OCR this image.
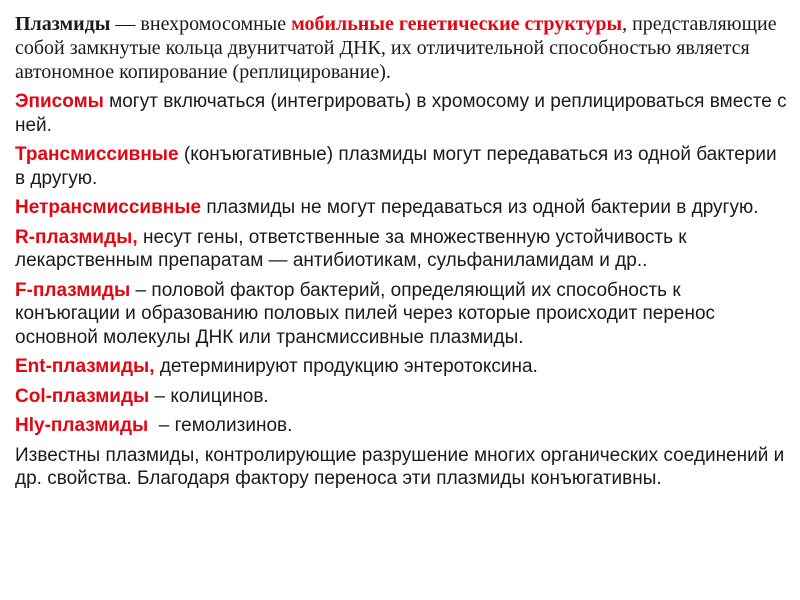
Плазмиды — внехромосомные мобильные генетические структуры, представляющие собой замкнутые кольца двунитчатой ДНК, их отличительной способностью является автономное копирование (реплицирование).

Эписомы могут включаться (интегрировать) в хромосому и реплицироваться вместе с ней.

Трансмиссивные (конъюгативные) плазмиды могут передаваться из одной бактерии в другую.

Нетрансмиссивные плазмиды не могут передаваться из одной бактерии в другую.

R-плазмиды, несут гены, ответственные за множественную устойчивость к лекарственным препаратам — антибиотикам, сульфаниламидам и др..

F-плазмиды – половой фактор бактерий, определяющий их способность к конъюгации и образованию половых пилей через которые происходит перенос основной молекулы ДНК или трансмиссивные плазмиды.

Ent-плазмиды, детерминируют продукцию энтеротоксина.

Col-плазмиды – колицинов.

Hly-плазмиды  – гемолизинов.

Известны плазмиды, контролирующие разрушение многих органических соединений и др. свойства. Благодаря фактору переноса эти плазмиды конъюгативны.
